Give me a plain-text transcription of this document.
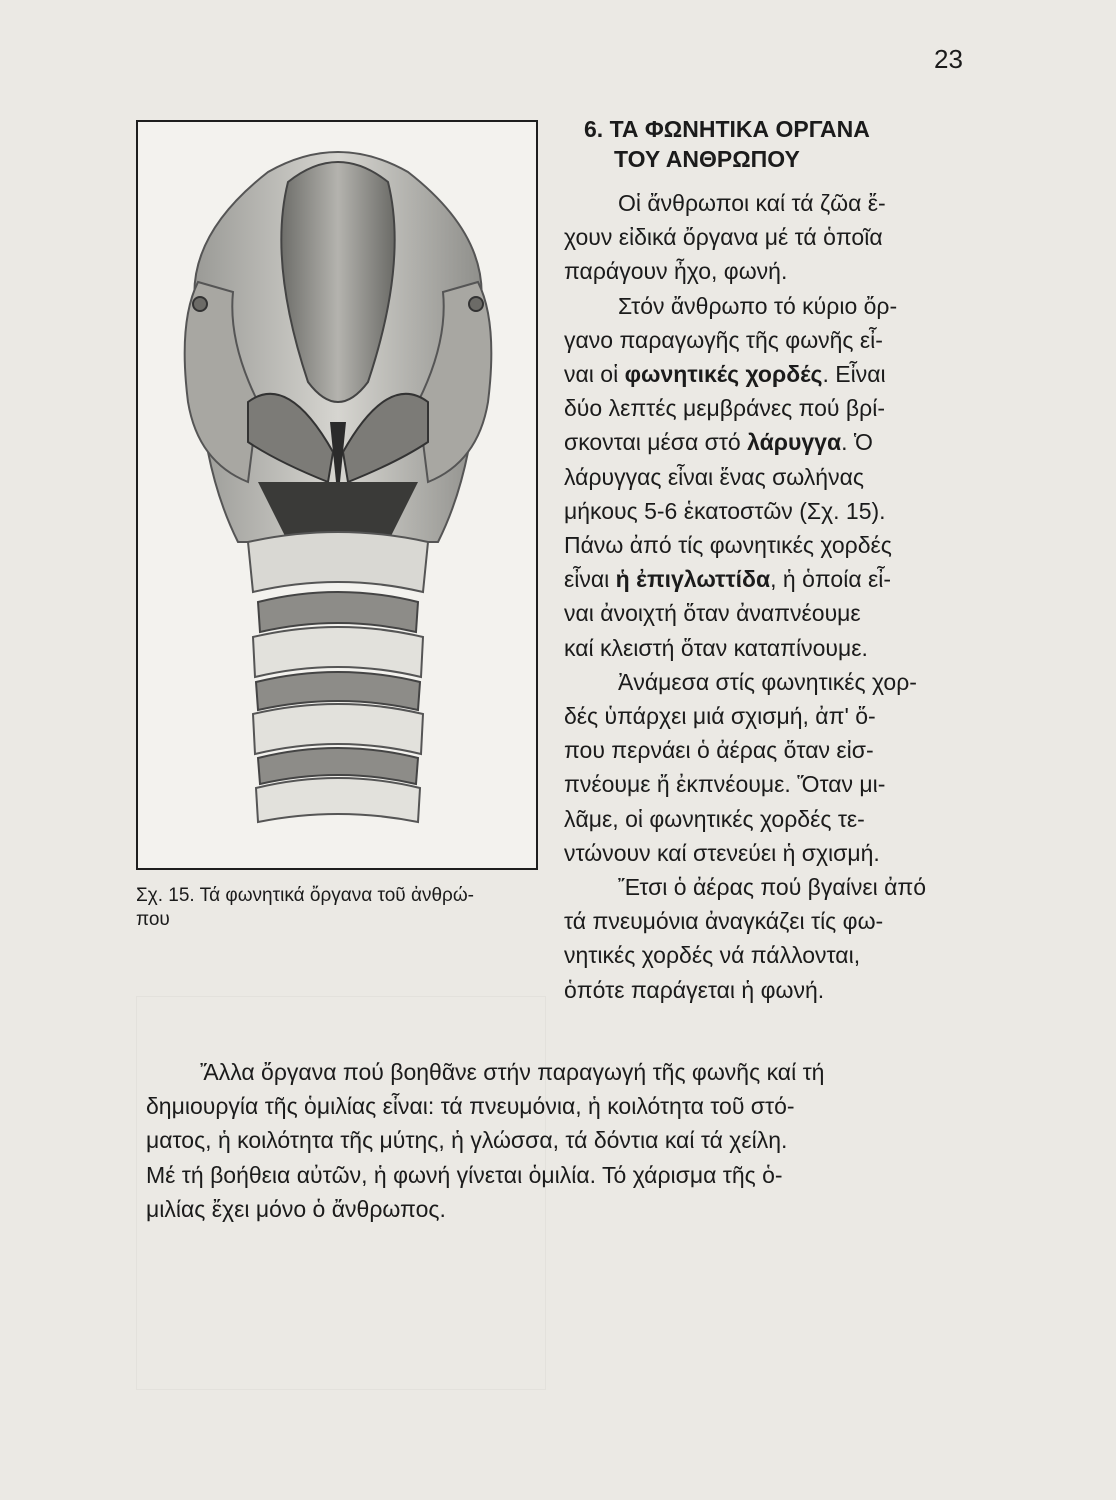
23
Σχ. 15. Τά φωνητικά ὄργανα τοῦ ἀνθρώ-
που
6. ΤΑ ΦΩΝΗΤΙΚΑ ΟΡΓΑΝΑ
ΤΟΥ ΑΝΘΡΩΠΟΥ
Οἱ ἄνθρωποι καί τά ζῶα ἔ-
χουν εἰδικά ὄργανα μέ τά ὁποῖα
παράγουν ἦχο, φωνή.
Στόν ἄνθρωπο τό κύριο ὄρ-
γανο παραγωγῆς τῆς φωνῆς εἶ-
ναι οἱ φωνητικές χορδές. Εἶναι
δύο λεπτές μεμβράνες πού βρί-
σκονται μέσα στό λάρυγγα. Ὁ
λάρυγγας εἶναι ἕνας σωλήνας
μήκους 5-6 ἑκατοστῶν (Σχ. 15).
Πάνω ἀπό τίς φωνητικές χορδές
εἶναι ἡ ἐπιγλωττίδα, ἡ ὁποία εἶ-
ναι ἀνοιχτή ὅταν ἀναπνέουμε
καί κλειστή ὅταν καταπίνουμε.
Ἀνάμεσα στίς φωνητικές χορ-
δές ὑπάρχει μιά σχισμή, ἀπ' ὅ-
που περνάει ὁ ἀέρας ὅταν εἰσ-
πνέουμε ἤ ἐκπνέουμε. Ὅταν μι-
λᾶμε, οἱ φωνητικές χορδές τε-
ντώνουν καί στενεύει ἡ σχισμή.
Ἔτσι ὁ ἀέρας πού βγαίνει ἀπό
τά πνευμόνια ἀναγκάζει τίς φω-
νητικές χορδές νά πάλλονται,
ὁπότε παράγεται ἡ φωνή.
Ἄλλα ὄργανα πού βοηθᾶνε στήν παραγωγή τῆς φωνῆς καί τή
δημιουργία τῆς ὁμιλίας εἶναι: τά πνευμόνια, ἡ κοιλότητα τοῦ στό-
ματος, ἡ κοιλότητα τῆς μύτης, ἡ γλώσσα, τά δόντια καί τά χείλη.
Μέ τή βοήθεια αὐτῶν, ἡ φωνή γίνεται ὁμιλία. Τό χάρισμα τῆς ὁ-
μιλίας ἔχει μόνο ὁ ἄνθρωπος.
